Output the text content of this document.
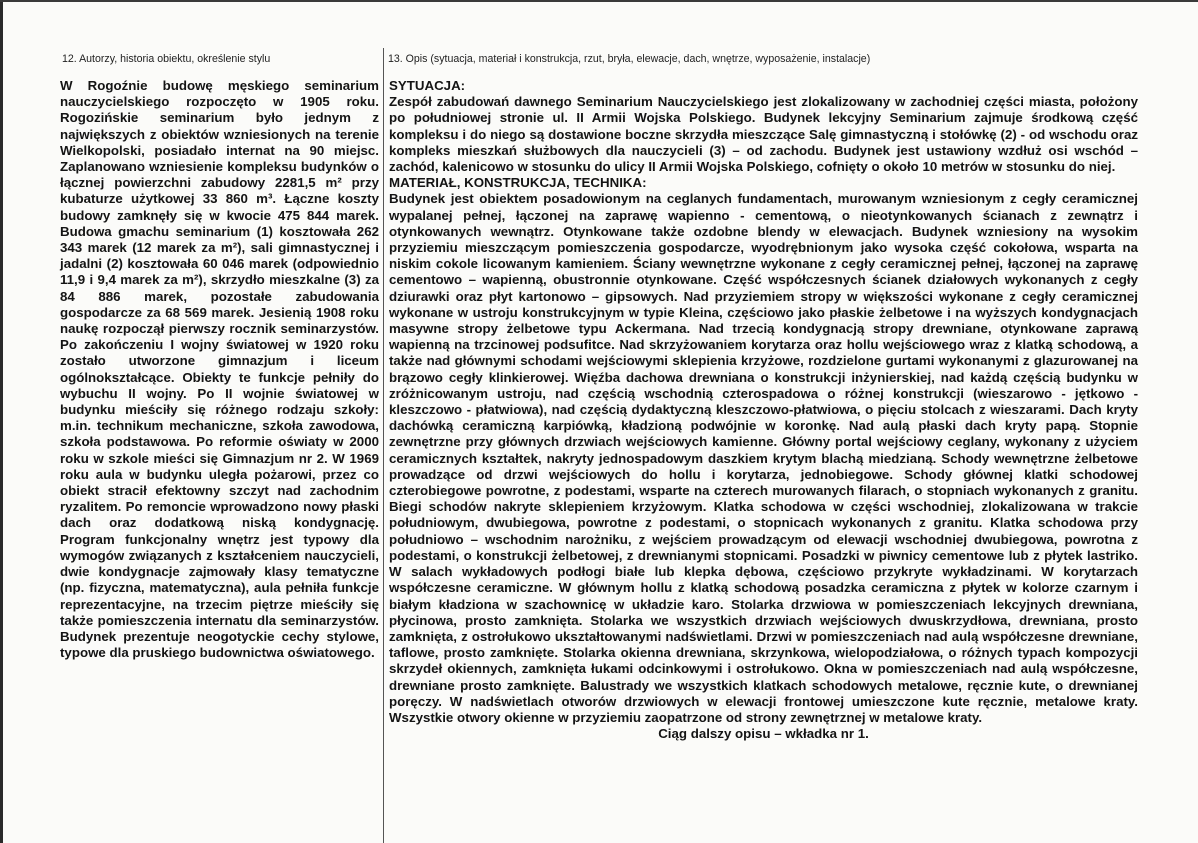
12. Autorzy, historia obiektu, określenie stylu	13. Opis (sytuacja, materiał i konstrukcja, rzut, bryła, elewacje, dach, wnętrze, wyposażenie, instalacje)

W Rogoźnie budowę męskiego seminarium nauczycielskiego rozpoczęto w 1905 roku. Rogozińskie seminarium było jednym z największych z obiektów wzniesionych na terenie Wielkopolski, posiadało internat na 90 miejsc. Zaplanowano wzniesienie kompleksu budynków o łącznej powierzchni zabudowy 2281,5 m² przy kubaturze użytkowej 33 860 m³. Łączne koszty budowy zamknęły się w kwocie 475 844 marek. Budowa gmachu seminarium (1) kosztowała 262 343 marek (12 marek za m²), sali gimnastycznej i jadalni (2) kosztowała 60 046 marek (odpowiednio 11,9 i 9,4 marek za m²), skrzydło mieszkalne (3) za 84 886 marek, pozostałe zabudowania gospodarcze za 68 569 marek. Jesienią 1908 roku naukę rozpoczął pierwszy rocznik seminarzystów. Po zakończeniu I wojny światowej w 1920 roku zostało utworzone gimnazjum i liceum ogólnokształcące. Obiekty te funkcje pełniły do wybuchu II wojny. Po II wojnie światowej w budynku mieściły się różnego rodzaju szkoły: m.in. technikum mechaniczne, szkoła zawodowa, szkoła podstawowa. Po reformie oświaty w 2000 roku w szkole mieści się Gimnazjum nr 2. W 1969 roku aula w budynku uległa pożarowi, przez co obiekt stracił efektowny szczyt nad zachodnim ryzalitem. Po remoncie wprowadzono nowy płaski dach oraz dodatkową niską kondygnację. Program funkcjonalny wnętrz jest typowy dla wymogów związanych z kształceniem nauczycieli, dwie kondygnacje zajmowały klasy tematyczne (np. fizyczna, matematyczna), aula pełniła funkcje reprezentacyjne, na trzecim piętrze mieściły się także pomieszczenia internatu dla seminarzystów. Budynek prezentuje neogotyckie cechy stylowe, typowe dla pruskiego budownictwa oświatowego.

SYTUACJA:

Zespół zabudowań dawnego Seminarium Nauczycielskiego jest zlokalizowany w zachodniej części miasta, położony po południowej stronie ul. II Armii Wojska Polskiego. Budynek lekcyjny Seminarium zajmuje środkową część kompleksu i do niego są dostawione boczne skrzydła mieszczące Salę gimnastyczną i stołówkę (2) - od wschodu oraz kompleks mieszkań służbowych dla nauczycieli (3) – od zachodu. Budynek jest ustawiony wzdłuż osi wschód – zachód, kalenicowo w stosunku do ulicy II Armii Wojska Polskiego, cofnięty o około 10 metrów w stosunku do niej.

MATERIAŁ, KONSTRUKCJA, TECHNIKA:

Budynek jest obiektem posadowionym na ceglanych fundamentach, murowanym wzniesionym z cegły ceramicznej wypalanej pełnej, łączonej na zaprawę wapienno - cementową, o nieotynkowanych ścianach z zewnątrz i otynkowanych wewnątrz. Otynkowane także ozdobne blendy w elewacjach. Budynek wzniesiony na wysokim przyziemiu mieszczącym pomieszczenia gospodarcze, wyodrębnionym jako wysoka część cokołowa, wsparta na niskim cokole licowanym kamieniem. Ściany wewnętrzne wykonane z cegły ceramicznej pełnej, łączonej na zaprawę cementowo – wapienną, obustronnie otynkowane. Część współczesnych ścianek działowych wykonanych z cegły dziurawki oraz płyt kartonowo – gipsowych. Nad przyziemiem stropy w większości wykonane z cegły ceramicznej wykonane w ustroju konstrukcyjnym w typie Kleina, częściowo jako płaskie żelbetowe i na wyższych kondygnacjach masywne stropy żelbetowe typu Ackermana. Nad trzecią kondygnacją stropy drewniane, otynkowane zaprawą wapienną na trzcinowej podsufitce. Nad skrzyżowaniem korytarza oraz hollu wejściowego wraz z klatką schodową, a także nad głównymi schodami wejściowymi sklepienia krzyżowe, rozdzielone gurtami wykonanymi z glazurowanej na brązowo cegły klinkierowej. Więźba dachowa drewniana o konstrukcji inżynierskiej, nad każdą częścią budynku w zróżnicowanym ustroju, nad częścią wschodnią czterospadowa o różnej konstrukcji (wieszarowo - jętkowo - kleszczowo - płatwiowa), nad częścią dydaktyczną kleszczowo-płatwiowa, o pięciu stolcach z wieszarami. Dach kryty dachówką ceramiczną karpiówką, kładzioną podwójnie w koronkę. Nad aulą płaski dach kryty papą. Stopnie zewnętrzne przy głównych drzwiach wejściowych kamienne. Główny portal wejściowy ceglany, wykonany z użyciem ceramicznych kształtek, nakryty jednospadowym daszkiem krytym blachą miedzianą. Schody wewnętrzne żelbetowe prowadzące od drzwi wejściowych do hollu i korytarza, jednobiegowe. Schody głównej klatki schodowej czterobiegowe powrotne, z podestami, wsparte na czterech murowanych filarach, o stopniach wykonanych z granitu. Biegi schodów nakryte sklepieniem krzyżowym. Klatka schodowa w części wschodniej, zlokalizowana w trakcie południowym, dwubiegowa, powrotne z podestami, o stopnicach wykonanych z granitu. Klatka schodowa przy południowo – wschodnim narożniku, z wejściem prowadzącym od elewacji wschodniej dwubiegowa, powrotna z podestami, o konstrukcji żelbetowej, z drewnianymi stopnicami. Posadzki w piwnicy cementowe lub z płytek lastriko. W salach wykładowych podłogi białe lub klepka dębowa, częściowo przykryte wykładzinami. W korytarzach współczesne ceramiczne. W głównym hollu z klatką schodową posadzka ceramiczna z płytek w kolorze czarnym i białym kładziona w szachownicę w układzie karo. Stolarka drzwiowa w pomieszczeniach lekcyjnych drewniana, płycinowa, prosto zamknięta. Stolarka we wszystkich drzwiach wejściowych dwuskrzydłowa, drewniana, prosto zamknięta, z ostrołukowo ukształtowanymi nadświetlami. Drzwi w pomieszczeniach nad aulą współczesne drewniane, taflowe, prosto zamknięte. Stolarka okienna drewniana, skrzynkowa, wielopodziałowa, o różnych typach kompozycji skrzydeł okiennych, zamknięta łukami odcinkowymi i ostrołukowo. Okna w pomieszczeniach nad aulą współczesne, drewniane prosto zamknięte. Balustrady we wszystkich klatkach schodowych metalowe, ręcznie kute, o drewnianej poręczy. W nadświetlach otworów drzwiowych w elewacji frontowej umieszczone kute ręcznie, metalowe kraty. Wszystkie otwory okienne w przyziemiu zaopatrzone od strony zewnętrznej w metalowe kraty.

Ciąg dalszy opisu – wkładka nr 1.
